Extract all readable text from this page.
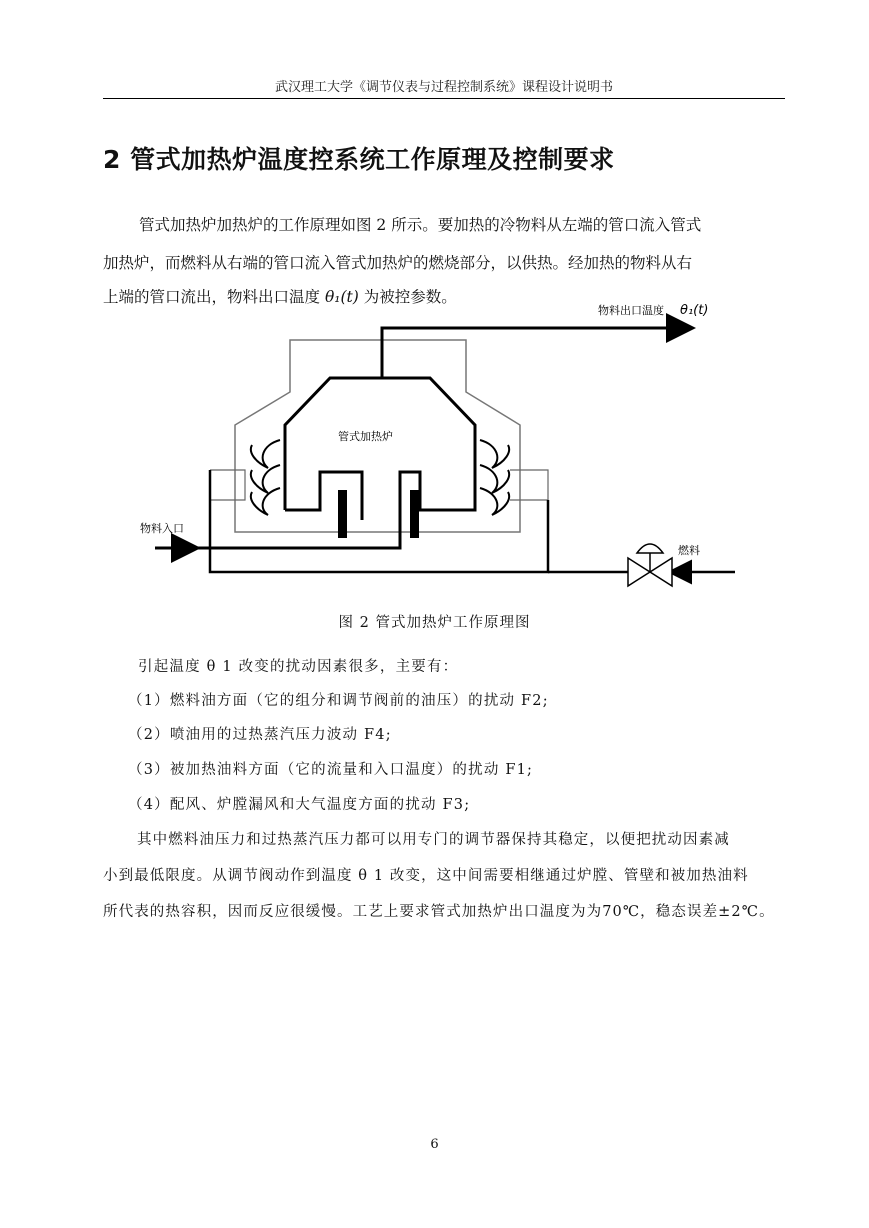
武汉理工大学《调节仪表与过程控制系统》课程设计说明书
2 管式加热炉温度控系统工作原理及控制要求

管式加热炉加热炉的工作原理如图 2 所示。要加热的冷物料从左端的管口流入管式

加热炉，而燃料从右端的管口流入管式加热炉的燃烧部分，以供热。经加热的物料从右

上端的管口流出，物料出口温度 θ₁(t) 为被控参数。

物料出口温度 θ₁(t)
管式加热炉
物料入口
燃料
图 2 管式加热炉工作原理图
引起温度 θ 1 改变的扰动因素很多，主要有：
（1）燃料油方面（它的组分和调节阀前的油压）的扰动 F2;
（2）喷油用的过热蒸汽压力波动 F4;
（3）被加热油料方面（它的流量和入口温度）的扰动 F1;
（4）配风、炉膛漏风和大气温度方面的扰动 F3;
其中燃料油压力和过热蒸汽压力都可以用专门的调节器保持其稳定，以便把扰动因素减
小到最低限度。从调节阀动作到温度 θ 1 改变，这中间需要相继通过炉膛、管壁和被加热油料
所代表的热容积，因而反应很缓慢。工艺上要求管式加热炉出口温度为为70℃，稳态误差±2℃。
6
